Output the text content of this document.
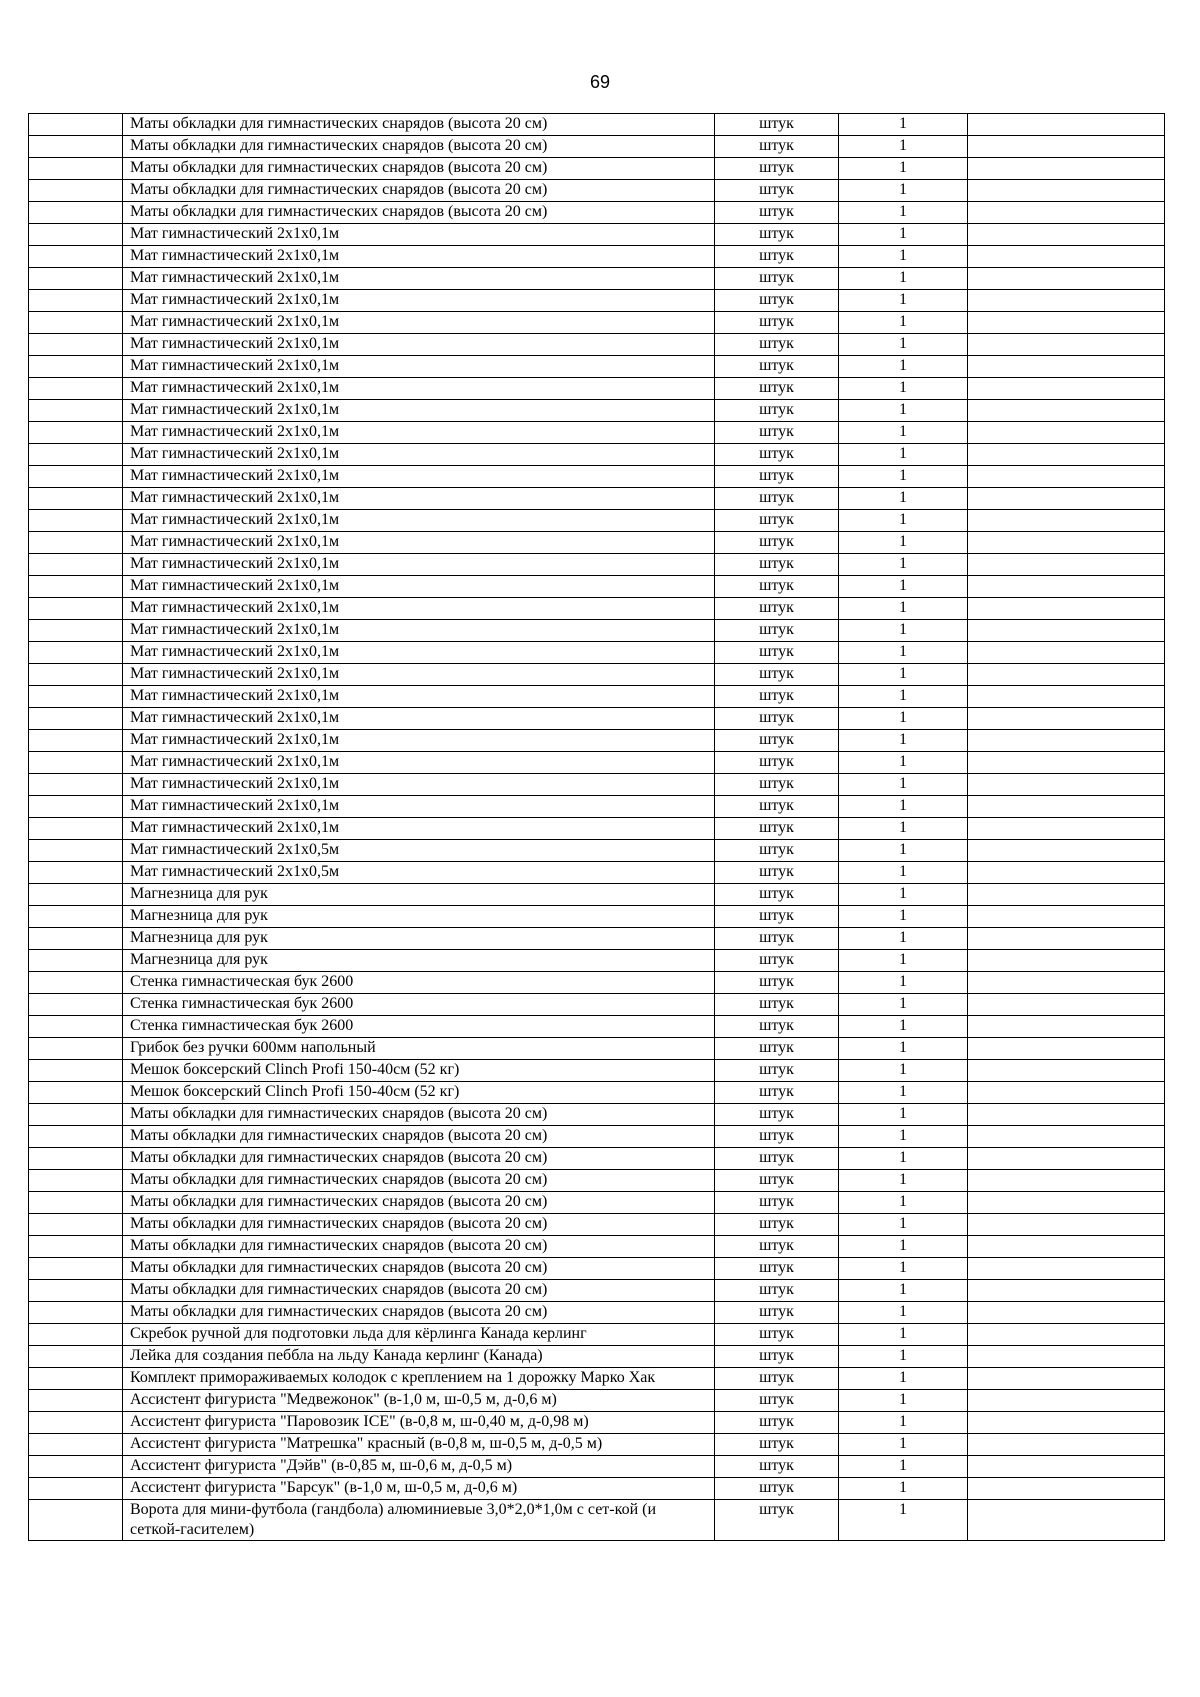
69
	Маты обкладки для гимнастических снарядов (высота 20 см)	штук	1	
	Маты обкладки для гимнастических снарядов (высота 20 см)	штук	1	
	Маты обкладки для гимнастических снарядов (высота 20 см)	штук	1	
	Маты обкладки для гимнастических снарядов (высота 20 см)	штук	1	
	Маты обкладки для гимнастических снарядов (высота 20 см)	штук	1	
	Мат гимнастический 2х1х0,1м	штук	1	
	Мат гимнастический 2х1х0,1м	штук	1	
	Мат гимнастический 2х1х0,1м	штук	1	
	Мат гимнастический 2х1х0,1м	штук	1	
	Мат гимнастический 2х1х0,1м	штук	1	
	Мат гимнастический 2х1х0,1м	штук	1	
	Мат гимнастический 2х1х0,1м	штук	1	
	Мат гимнастический 2х1х0,1м	штук	1	
	Мат гимнастический 2х1х0,1м	штук	1	
	Мат гимнастический 2х1х0,1м	штук	1	
	Мат гимнастический 2х1х0,1м	штук	1	
	Мат гимнастический 2х1х0,1м	штук	1	
	Мат гимнастический 2х1х0,1м	штук	1	
	Мат гимнастический 2х1х0,1м	штук	1	
	Мат гимнастический 2х1х0,1м	штук	1	
	Мат гимнастический 2х1х0,1м	штук	1	
	Мат гимнастический 2х1х0,1м	штук	1	
	Мат гимнастический 2х1х0,1м	штук	1	
	Мат гимнастический 2х1х0,1м	штук	1	
	Мат гимнастический 2х1х0,1м	штук	1	
	Мат гимнастический 2х1х0,1м	штук	1	
	Мат гимнастический 2х1х0,1м	штук	1	
	Мат гимнастический 2х1х0,1м	штук	1	
	Мат гимнастический 2х1х0,1м	штук	1	
	Мат гимнастический 2х1х0,1м	штук	1	
	Мат гимнастический 2х1х0,1м	штук	1	
	Мат гимнастический 2х1х0,1м	штук	1	
	Мат гимнастический 2х1х0,1м	штук	1	
	Мат гимнастический 2х1х0,5м	штук	1	
	Мат гимнастический 2х1х0,5м	штук	1	
	Магнезница для рук	штук	1	
	Магнезница для рук	штук	1	
	Магнезница для рук	штук	1	
	Магнезница для рук	штук	1	
	Стенка гимнастическая бук 2600	штук	1	
	Стенка гимнастическая бук 2600	штук	1	
	Стенка гимнастическая бук 2600	штук	1	
	Грибок без ручки 600мм напольный	штук	1	
	Мешок боксерский Clinch Profi 150-40см (52 кг)	штук	1	
	Мешок боксерский Clinch Profi 150-40см (52 кг)	штук	1	
	Маты обкладки для гимнастических снарядов (высота 20 см)	штук	1	
	Маты обкладки для гимнастических снарядов (высота 20 см)	штук	1	
	Маты обкладки для гимнастических снарядов (высота 20 см)	штук	1	
	Маты обкладки для гимнастических снарядов (высота 20 см)	штук	1	
	Маты обкладки для гимнастических снарядов (высота 20 см)	штук	1	
	Маты обкладки для гимнастических снарядов (высота 20 см)	штук	1	
	Маты обкладки для гимнастических снарядов (высота 20 см)	штук	1	
	Маты обкладки для гимнастических снарядов (высота 20 см)	штук	1	
	Маты обкладки для гимнастических снарядов (высота 20 см)	штук	1	
	Маты обкладки для гимнастических снарядов (высота 20 см)	штук	1	
	Скребок ручной для подготовки льда для кёрлинга Канада керлинг	штук	1	
	Лейка для создания пеббла на льду Канада керлинг (Канада)	штук	1	
	Комплект примораживаемых колодок с креплением на 1 дорожку Марко Хак	штук	1	
	Ассистент фигуриста "Медвежонок" (в-1,0 м, ш-0,5 м, д-0,6 м)	штук	1	
	Ассистент фигуриста "Паровозик ICE" (в-0,8 м, ш-0,40 м, д-0,98 м)	штук	1	
	Ассистент фигуриста "Матрешка" красный (в-0,8 м, ш-0,5 м, д-0,5 м)	штук	1	
	Ассистент фигуриста "Дэйв" (в-0,85 м, ш-0,6 м, д-0,5 м)	штук	1	
	Ассистент фигуриста "Барсук" (в-1,0 м, ш-0,5 м, д-0,6 м)	штук	1	
	Ворота для мини-футбола (гандбола) алюминиевые 3,0*2,0*1,0м с сет-кой (и сеткой-гасителем)	штук	1	
